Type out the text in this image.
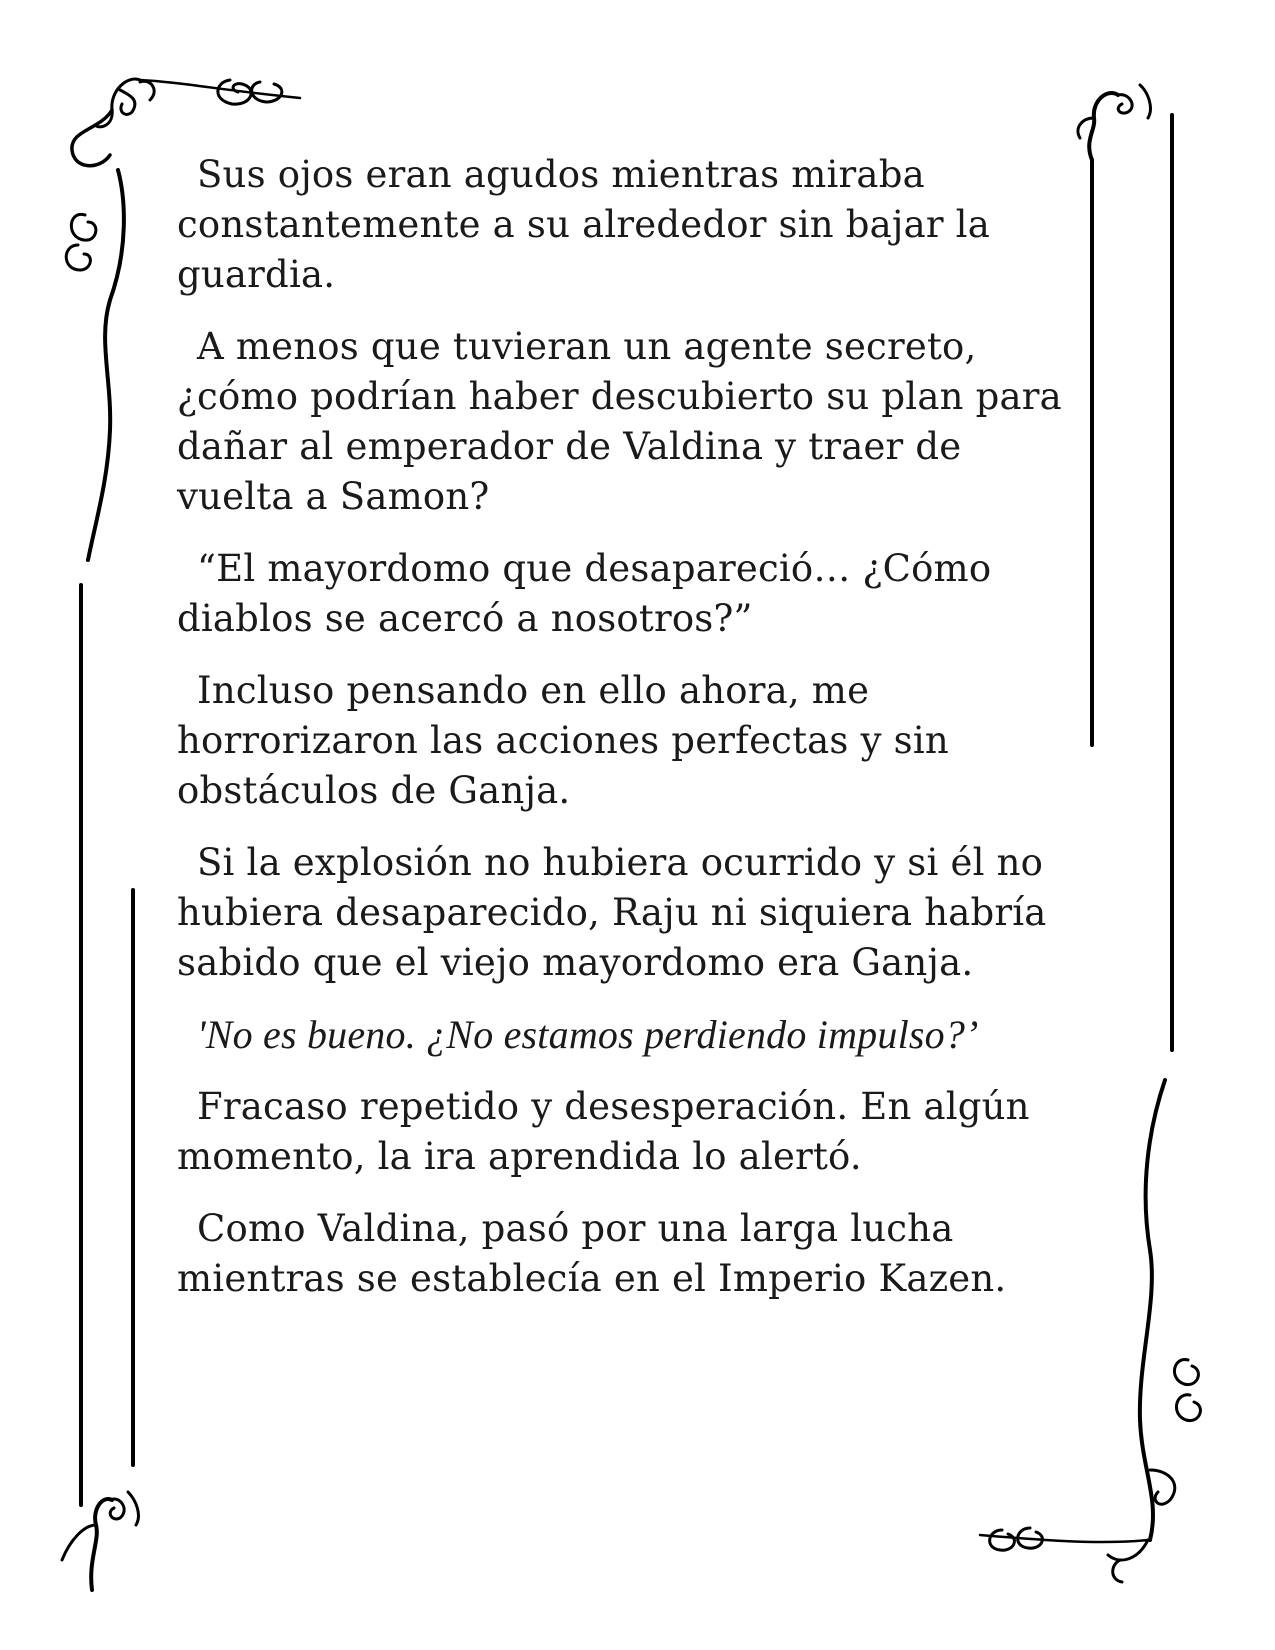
Sus ojos eran agudos mientras miraba constantemente a su alrededor sin bajar la guardia.

A menos que tuvieran un agente secreto, ¿cómo podrían haber descubierto su plan para dañar al emperador de Valdina y traer de vuelta a Samon?

“El mayordomo que desapareció… ¿Cómo diablos se acercó a nosotros?”

Incluso pensando en ello ahora, me horrorizaron las acciones perfectas y sin obstáculos de Ganja.

Si la explosión no hubiera ocurrido y si él no hubiera desaparecido, Raju ni siquiera habría sabido que el viejo mayordomo era Ganja.

'No es bueno. ¿No estamos perdiendo impulso?’

Fracaso repetido y desesperación. En algún momento, la ira aprendida lo alertó.

Como Valdina, pasó por una larga lucha mientras se establecía en el Imperio Kazen.
